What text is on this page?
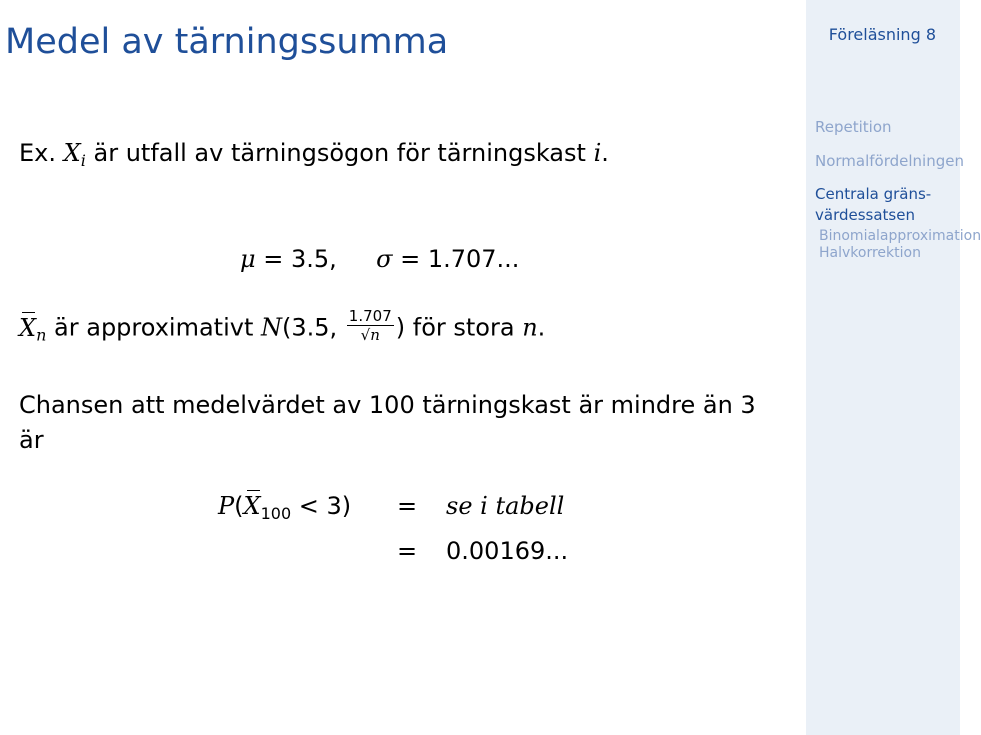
Medel av tärningssumma
Ex. $X_i$ är utfall av tärningsögon för tärningskast i.
μ = 3.5, σ = 1.707...
$X_n$ är approximativt N(3.5, $\frac{1.707}{√n}$ ) för stora n.
Chansen att medelvärdet av 100 tärningskast är mindre än 3
är
$P(X_{100} < 3)$ = se i tabell
= 0.00169...
Föreläsning 8
Repetition
Normalfördelningen
Centrala gräns-
värdessatsen
Binomialapproximation
Halvkorrektion
